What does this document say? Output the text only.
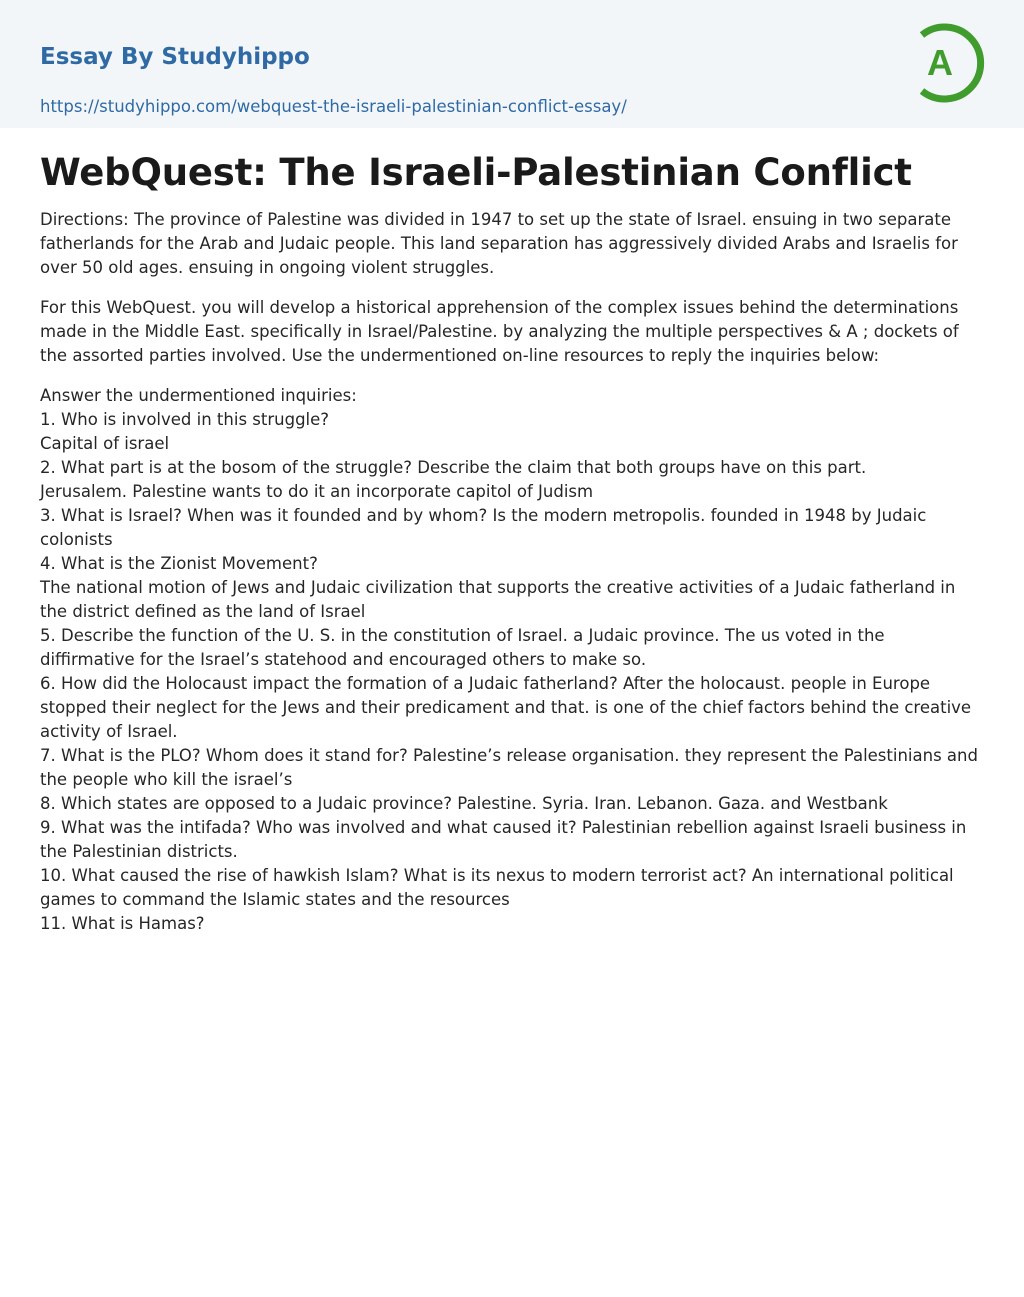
Essay By Studyhippo
https://studyhippo.com/webquest-the-israeli-palestinian-conflict-essay/
A
WebQuest: The Israeli-Palestinian Conflict

Directions: The province of Palestine was divided in 1947 to set up the state of Israel. ensuing in two separate fatherlands for the Arab and Judaic people. This land separation has aggressively divided Arabs and Israelis for over 50 old ages. ensuing in ongoing violent struggles.

For this WebQuest. you will develop a historical apprehension of the complex issues behind the determinations made in the Middle East. specifically in Israel/Palestine. by analyzing the multiple perspectives & A ; dockets of the assorted parties involved. Use the undermentioned on-line resources to reply the inquiries below:

Answer the undermentioned inquiries:
1. Who is involved in this struggle?
Capital of israel
2. What part is at the bosom of the struggle? Describe the claim that both groups have on this part.
Jerusalem. Palestine wants to do it an incorporate capitol of Judism
3. What is Israel? When was it founded and by whom? Is the modern metropolis. founded in 1948 by Judaic colonists
4. What is the Zionist Movement?
The national motion of Jews and Judaic civilization that supports the creative activities of a Judaic fatherland in the district defined as the land of Israel
5. Describe the function of the U. S. in the constitution of Israel. a Judaic province. The us voted in the diffirmative for the Israel’s statehood and encouraged others to make so.
6. How did the Holocaust impact the formation of a Judaic fatherland? After the holocaust. people in Europe stopped their neglect for the Jews and their predicament and that. is one of the chief factors behind the creative activity of Israel.
7. What is the PLO? Whom does it stand for? Palestine’s release organisation. they represent the Palestinians and the people who kill the israel’s
8. Which states are opposed to a Judaic province? Palestine. Syria. Iran. Lebanon. Gaza. and Westbank
9. What was the intifada? Who was involved and what caused it? Palestinian rebellion against Israeli business in the Palestinian districts.
10. What caused the rise of hawkish Islam? What is its nexus to modern terrorist act? An international political games to command the Islamic states and the resources
11. What is Hamas?
